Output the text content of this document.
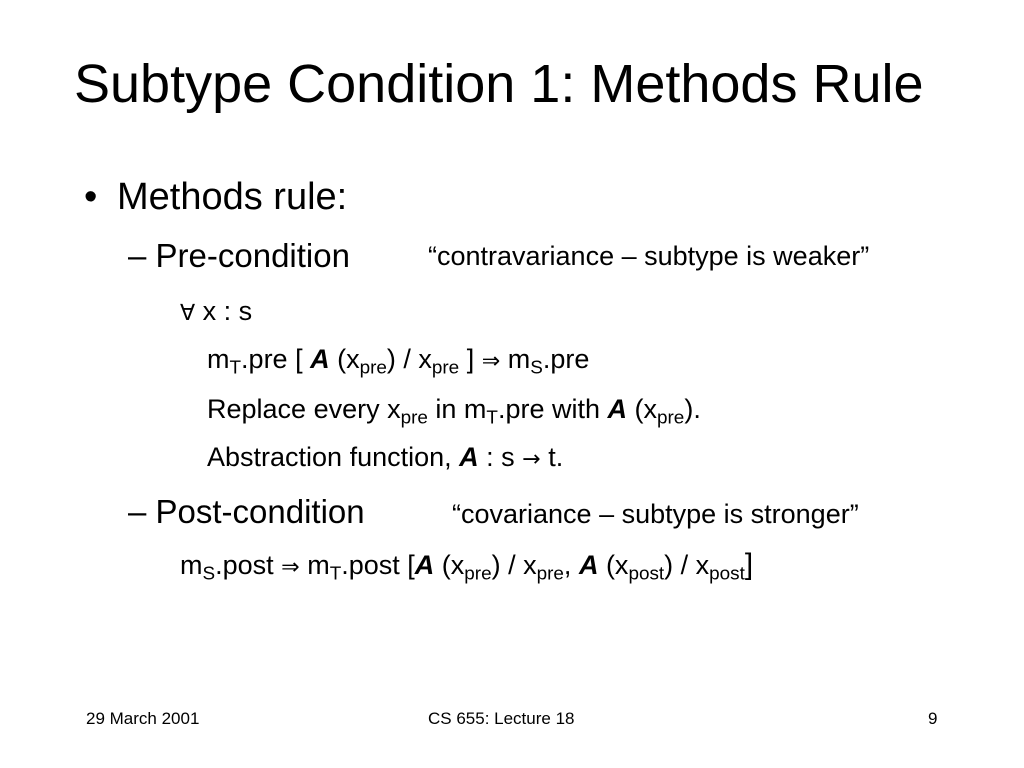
Subtype Condition 1: Methods Rule
• Methods rule:
– Pre-condition	“contravariance – subtype is weaker”
∀ x : s
$m_T.pre$ [ A $(x_{pre}) / x_{pre}$ ] ⇒ $m_S.pre$
Replace every $x_{pre}$ in $m_T.pre$ with A $(x_{pre})$.
Abstraction function, A : s → t.
– Post-condition	“covariance – subtype is stronger”
$m_S.post$ ⇒ $m_T.post$ [A $(x_{pre}) / x_{pre}$, A $(x_{post}) / x_{post}$]
29 March 2001	CS 655: Lecture 18	9
